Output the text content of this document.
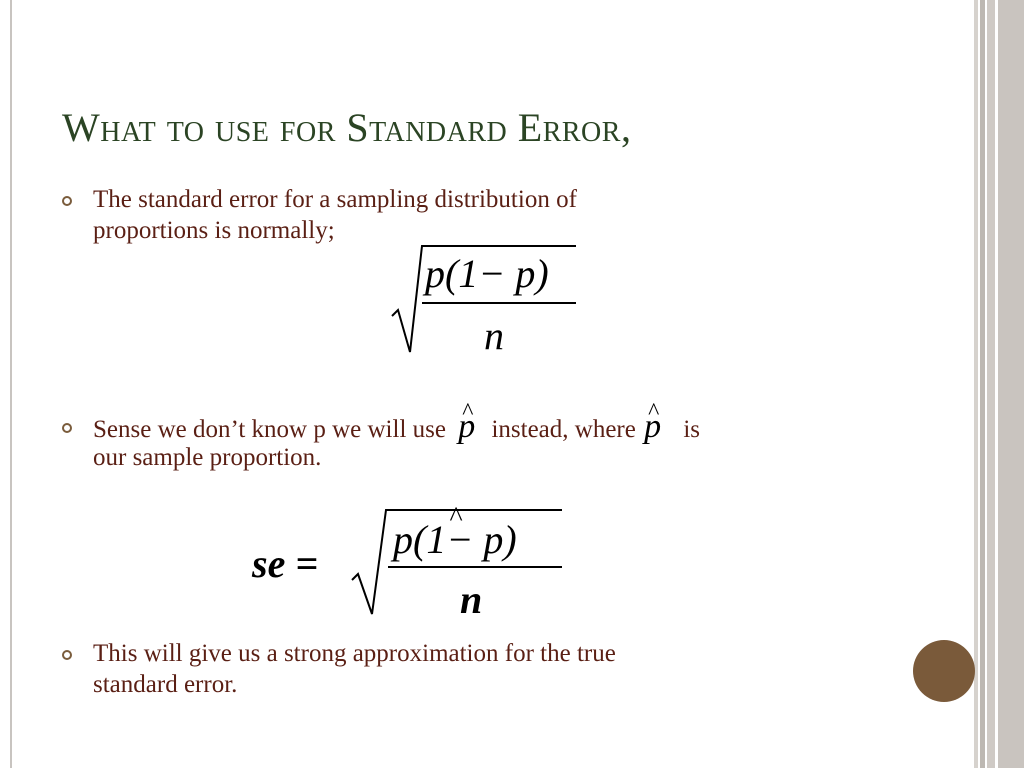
What to use for Standard Error,
The standard error for a sampling distribution of
proportions is normally;
p(1− p)
n
Sense we don’t know p we will use ^ p instead, where ^ p is
our sample proportion.
se =
^ p(1− p)
n
This will give us a strong approximation for the true
standard error.
